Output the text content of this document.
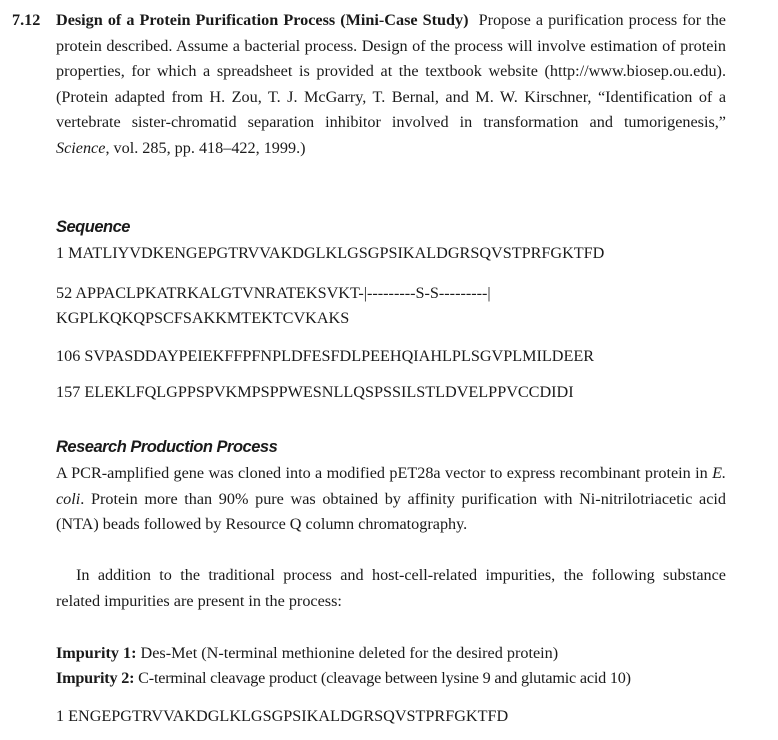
7.12 Design of a Protein Purification Process (Mini-Case Study) Propose a purification process for the protein described. Assume a bacterial process. Design of the process will involve estimation of protein properties, for which a spreadsheet is provided at the textbook website (http://www.biosep.ou.edu). (Protein adapted from H. Zou, T. J. McGarry, T. Bernal, and M. W. Kirschner, “Identification of a vertebrate sister-chromatid separation inhibitor involved in transformation and tumorigenesis,” Science, vol. 285, pp. 418–422, 1999.)
Sequence
1 MATLIYVDKENGEPGTRVVAKDGLKLGSGPSIKALDGRSQVSTPRFGKTFD
52 APPACLPKATRKALGTVNRATEKSVKT-|---------S-S---------|
KGPLKQKQPSCFSAKKMTEKTCVKAKS
106 SVPASDDAYPEIEKFFPFNPLDFESFDLPEEHQIAHLPLSGVPLMILDEER
157 ELEKLFQLGPPSPVKMPSPPWESNLLQSPSSILSTLDVELPPVCCDIDI
Research Production Process
A PCR-amplified gene was cloned into a modified pET28a vector to express recombinant protein in E. coli. Protein more than 90% pure was obtained by affinity purification with Ni-nitrilotriacetic acid (NTA) beads followed by Resource Q column chromatography.
In addition to the traditional process and host-cell-related impurities, the following substance related impurities are present in the process:
Impurity 1: Des-Met (N-terminal methionine deleted for the desired protein)
Impurity 2: C-terminal cleavage product (cleavage between lysine 9 and glutamic acid 10)
1 ENGEPGTRVVAKDGLKLGSGPSIKALDGRSQVSTPRFGKTFD
